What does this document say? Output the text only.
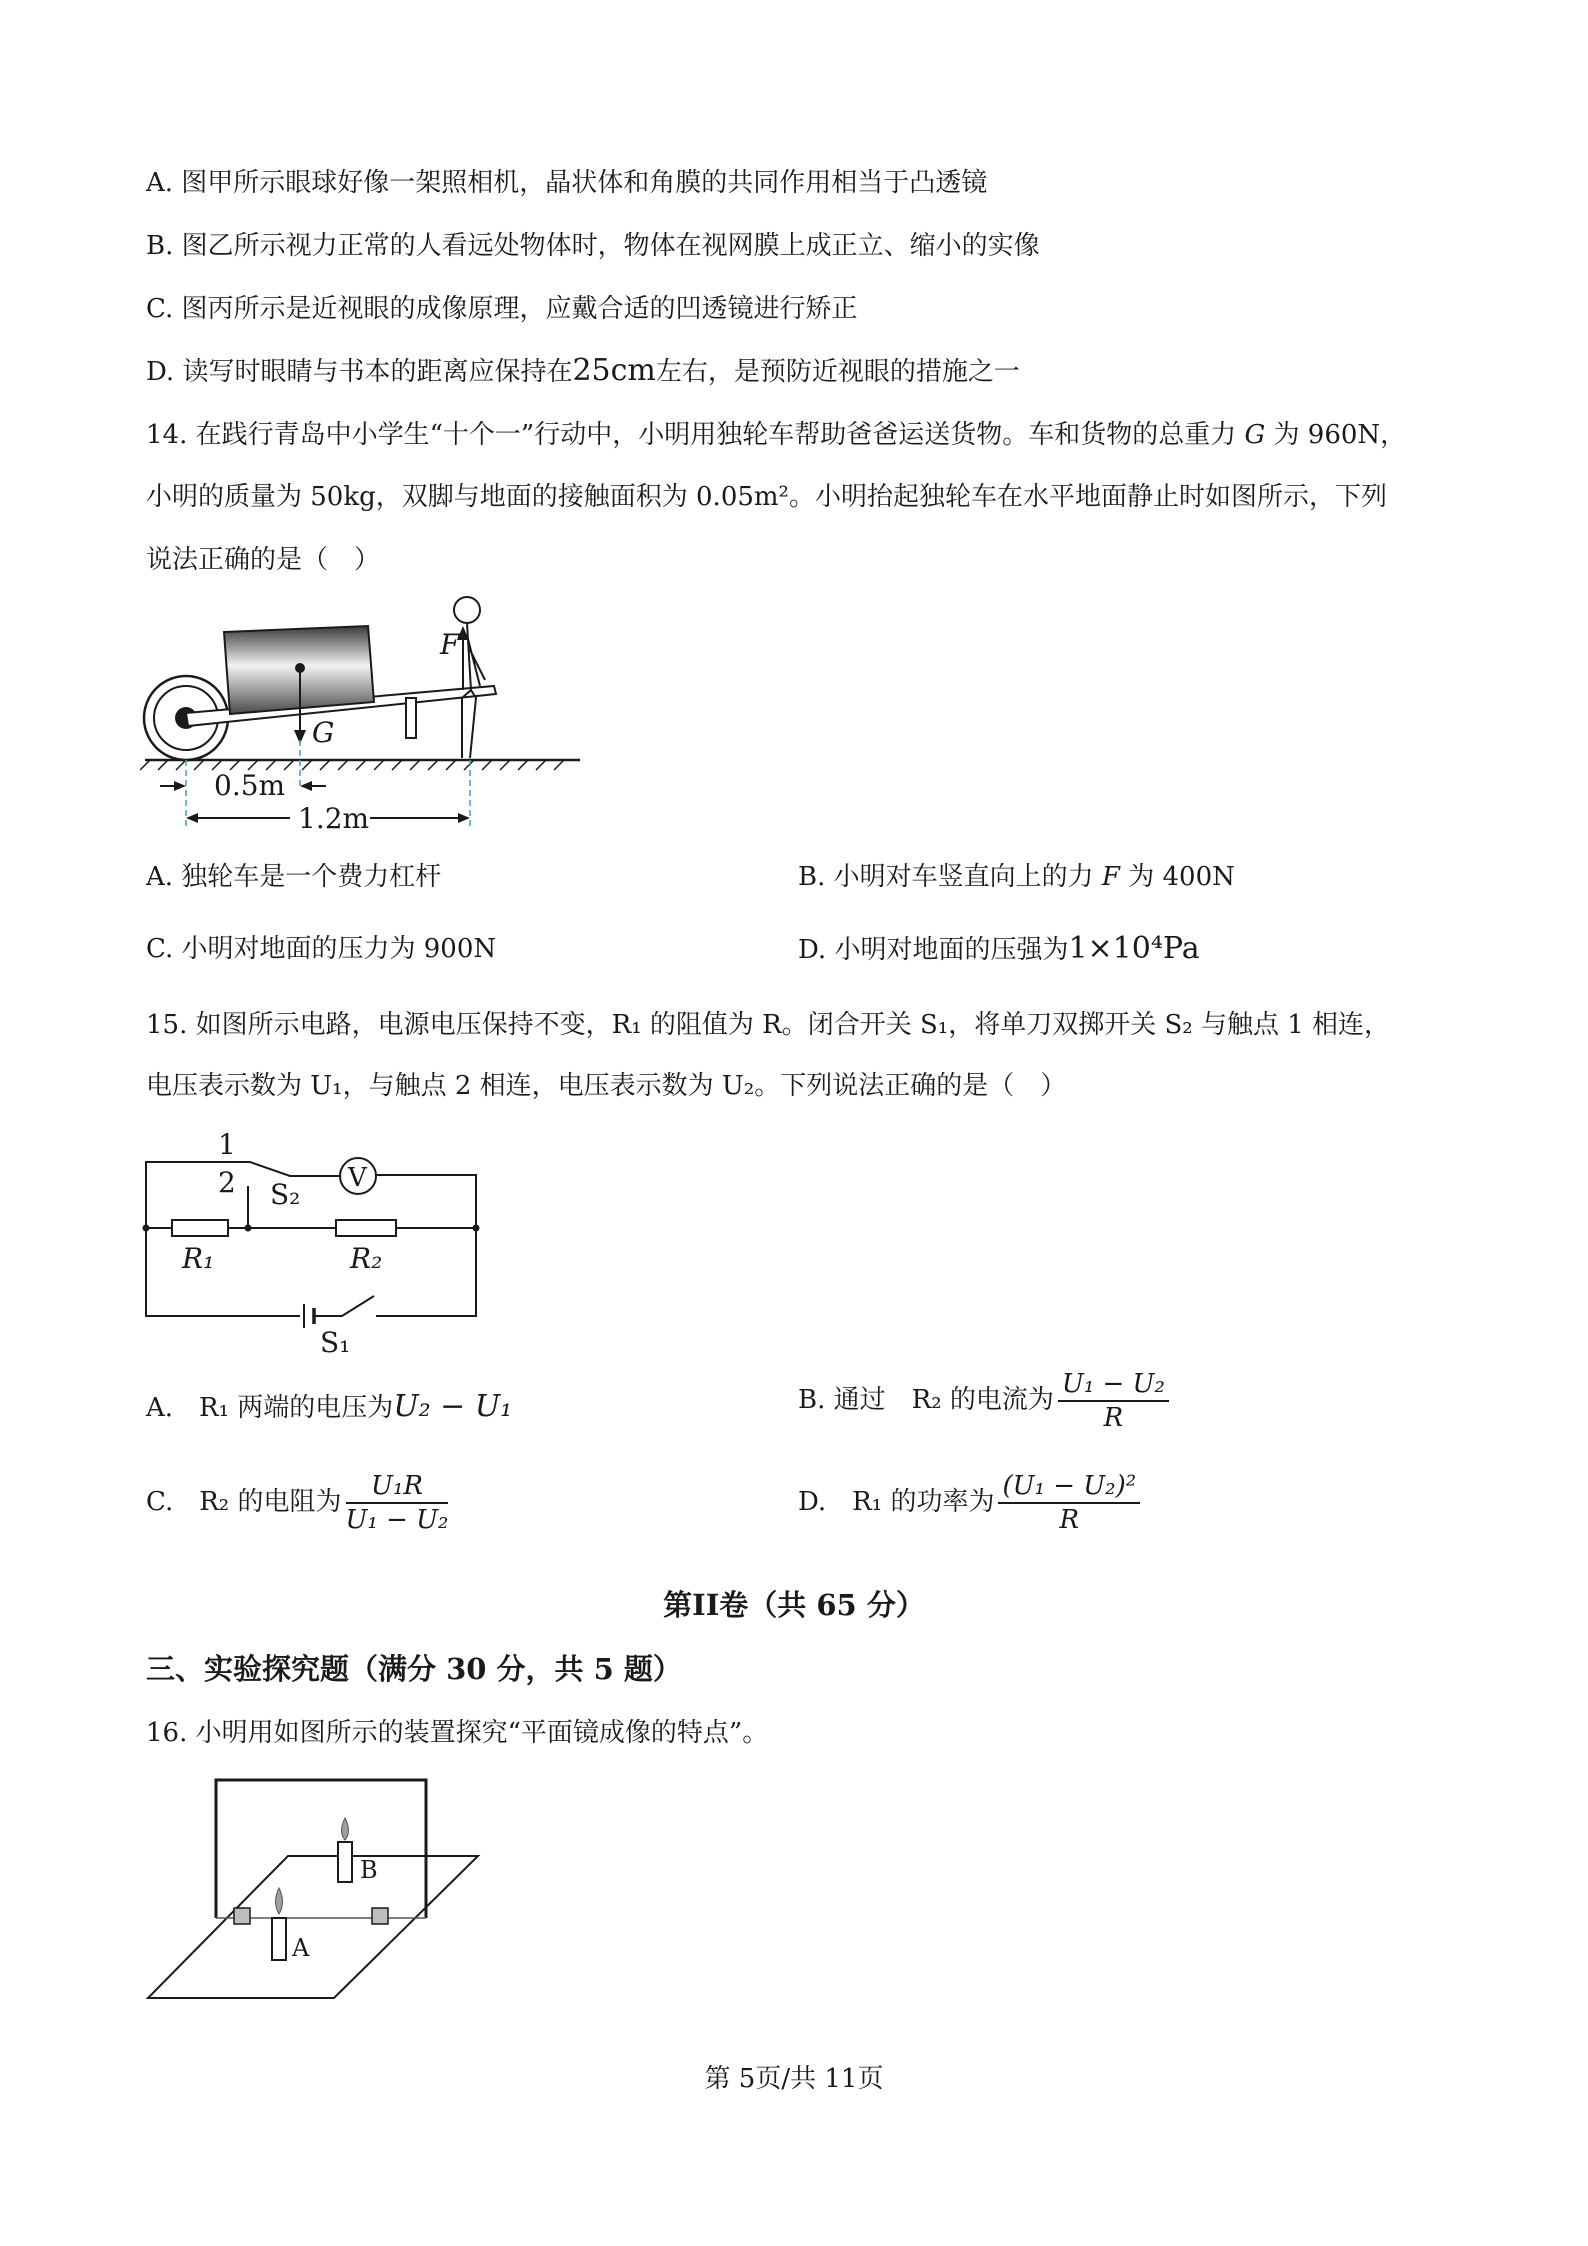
A. 图甲所示眼球好像一架照相机，晶状体和角膜的共同作用相当于凸透镜
B. 图乙所示视力正常的人看远处物体时，物体在视网膜上成正立、缩小的实像
C. 图丙所示是近视眼的成像原理，应戴合适的凹透镜进行矫正
D. 读写时眼睛与书本的距离应保持在25cm左右，是预防近视眼的措施之一
14. 在践行青岛中小学生“十个一”行动中，小明用独轮车帮助爸爸运送货物。车和货物的总重力 G 为 960N，
小明的质量为 50kg，双脚与地面的接触面积为 0.05m²。小明抬起独轮车在水平地面静止时如图所示，下列
说法正确的是（　）
G
F
0.5m
1.2m
A. 独轮车是一个费力杠杆	B. 小明对车竖直向上的力 F 为 400N
C. 小明对地面的压力为 900N	D. 小明对地面的压强为1×10⁴Pa
15. 如图所示电路，电源电压保持不变，R₁ 的阻值为 R。闭合开关 S₁，将单刀双掷开关 S₂ 与触点 1 相连，
电压表示数为 U₁，与触点 2 相连，电压表示数为 U₂。下列说法正确的是（　）
V
1
2 S₂
R₁	R₂
S₁
A.　R₁ 两端的电压为U₂ − U₁	B. 通过　R₂ 的电流为 $\frac{\text{U₁ − U₂}}{R}$
C.　R₂ 的电阻为 $\frac{\text{U₁R}}{\text{U₁ − U₂}}$	D.　R₁ 的功率为 $\frac{\text{(U₁ − U₂)²}}{R}$
第II卷（共 65 分）
三、实验探究题（满分 30 分，共 5 题）
16. 小明用如图所示的装置探究“平面镜成像的特点”。
B
A
第 5页/共 11页
